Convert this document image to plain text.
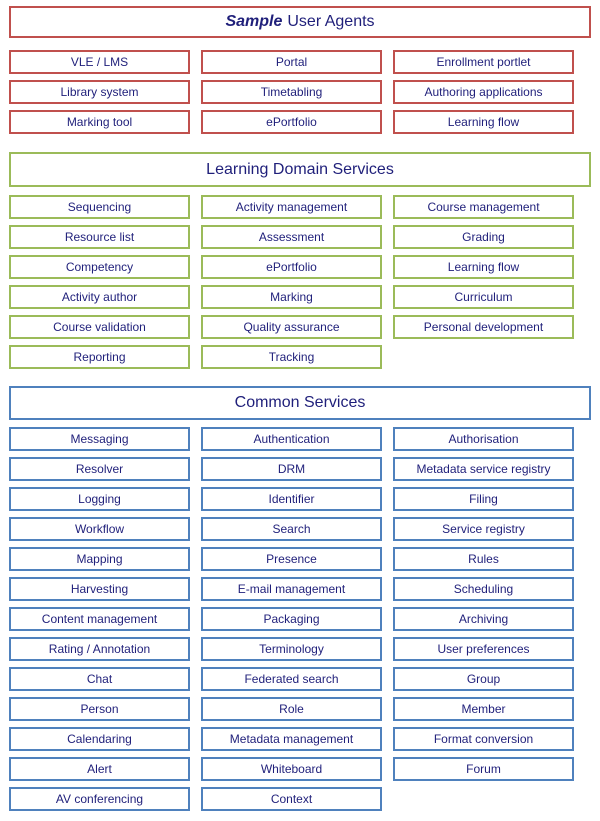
Sample User Agents
VLE / LMS	Portal	Enrollment portlet
Library system	Timetabling	Authoring applications
Marking tool	ePortfolio	Learning flow
Learning Domain Services
Sequencing	Activity management	Course management
Resource list	Assessment	Grading
Competency	ePortfolio	Learning flow
Activity author	Marking	Curriculum
Course validation	Quality assurance	Personal development
Reporting	Tracking
Common Services
Messaging	Authentication	Authorisation
Resolver	DRM	Metadata service registry
Logging	Identifier	Filing
Workflow	Search	Service registry
Mapping	Presence	Rules
Harvesting	E-mail management	Scheduling
Content management	Packaging	Archiving
Rating / Annotation	Terminology	User preferences
Chat	Federated search	Group
Person	Role	Member
Calendaring	Metadata management	Format conversion
Alert	Whiteboard	Forum
AV conferencing	Context
